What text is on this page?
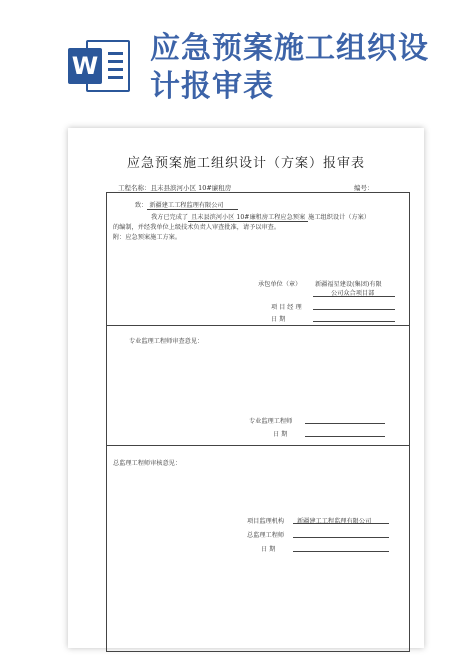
W 应急预案施工组织设计报审表
应急预案施工组织设计（方案）报审表
工程名称：且末县滨河小区 10#廉租房	编号：
致： 新疆建工工程监理有限公司
我方已完成了 且末县滨河小区 10#廉租房工程应急预案 施工组织设计（方案）
的编制，并经我单位上级技术负责人审查批准，请予以审查。
附：应急预案施工方案。
承包单位（章） 新疆福星建设(集团)有限
公司众合项目部
项 目 经 理
日 期
专业监理工程师审查意见：
专业监理工程师
日 期
总监理工程师审核意见：
项目监理机构 新疆建工工程监理有限公司
总监理工程师
日 期
